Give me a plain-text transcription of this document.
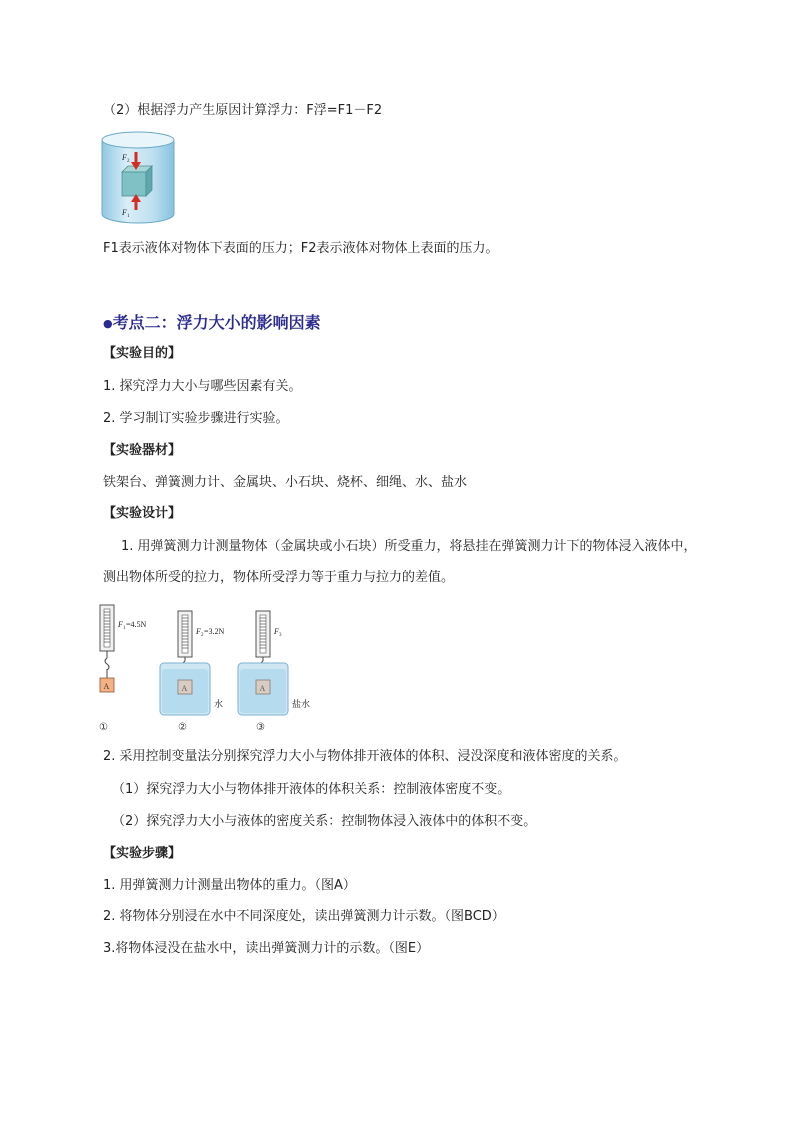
（2）根据浮力产生原因计算浮力：F浮=F1－F2
F 2
F 1
F1表示液体对物体下表面的压力；F2表示液体对物体上表面的压力。
●考点二：浮力大小的影响因素
【实验目的】
1. 探究浮力大小与哪些因素有关。
2. 学习制订实验步骤进行实验。
【实验器材】
铁架台、弹簧测力计、金属块、小石块、烧杯、细绳、水、盐水
【实验设计】
1. 用弹簧测力计测量物体（金属块或小石块）所受重力，将悬挂在弹簧测力计下的物体浸入液体中，
测出物体所受的拉力，物体所受浮力等于重力与拉力的差值。
A
F 1 =4.5N
①
A
F 2 =3.2N
水
②
A
F 3
盐水
③
2. 采用控制变量法分别探究浮力大小与物体排开液体的体积、浸没深度和液体密度的关系。
（1）探究浮力大小与物体排开液体的体积关系：控制液体密度不变。
（2）探究浮力大小与液体的密度关系：控制物体浸入液体中的体积不变。
【实验步骤】
1. 用弹簧测力计测量出物体的重力。（图A）
2. 将物体分别浸在水中不同深度处，读出弹簧测力计示数。（图BCD）
3.将物体浸没在盐水中，读出弹簧测力计的示数。（图E）
